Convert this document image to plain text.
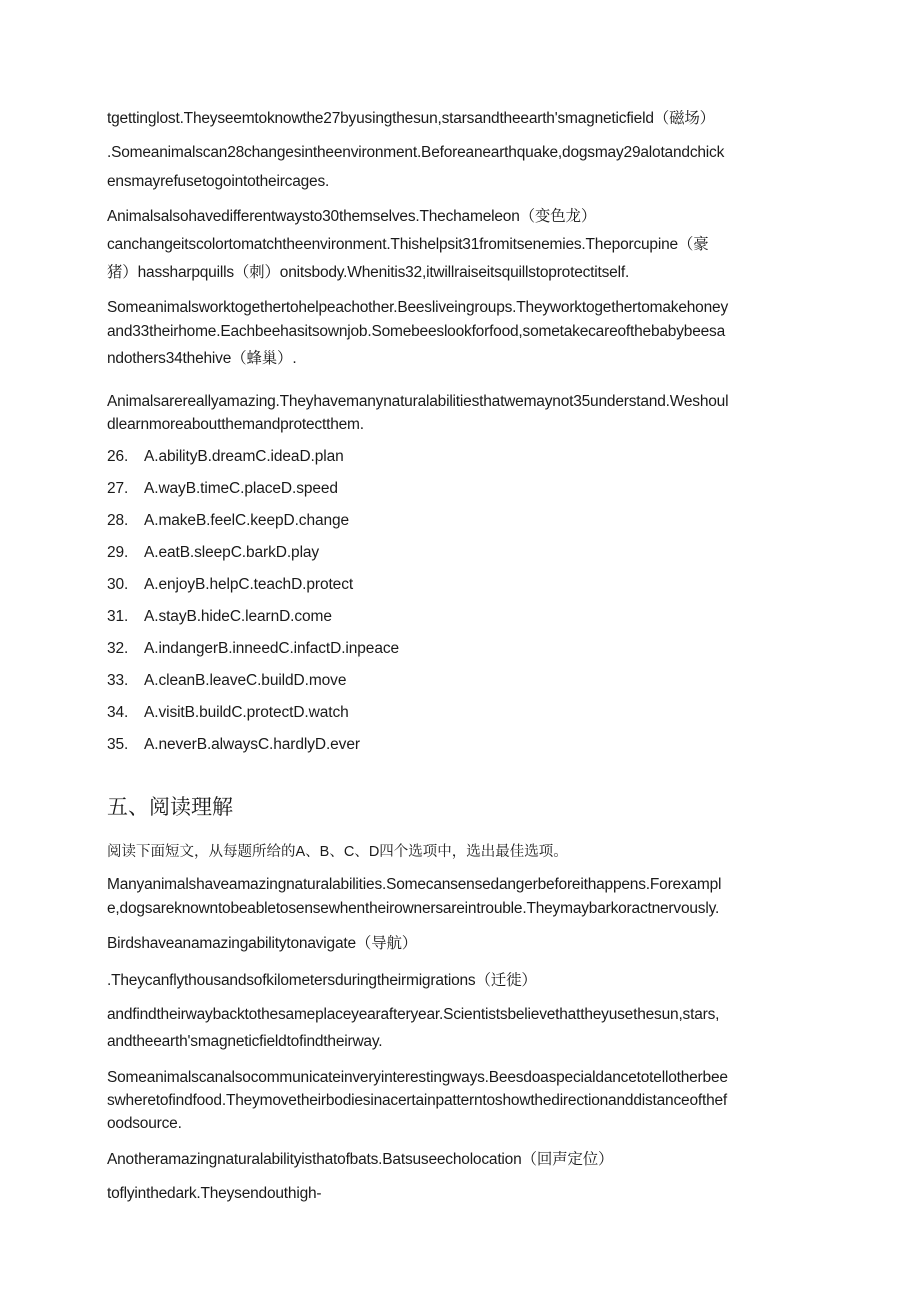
tgettinglost.Theyseemtoknowthe27byusingthesun,starsandtheearth'smagneticfield（磁场）
.Someanimalscan28changesintheenvironment.Beforeanearthquake,dogsmay29alotandchick
ensmayrefusetogointotheircages.
Animalsalsohavedifferentwaysto30themselves.Thechameleon（变色龙）
canchangeitscolortomatchtheenvironment.Thishelpsit31fromitsenemies.Theporcupine（豪
猪）hassharpquills（刺）onitsbody.Whenitis32,itwillraiseitsquillstoprotectitself.
Someanimalsworktogethertohelpeachother.Beesliveingroups.Theyworktogethertomakehoney
and33theirhome.Eachbeehasitsownjob.Somebeeslookforfood,sometakecareofthebabybeesa
ndothers34thehive（蜂巢）.
Animalsarereallyamazing.Theyhavemanynaturalabilitiesthatwemaynot35understand.Weshoul
dlearnmoreaboutthemandprotectthem.
26. A.abilityB.dreamC.ideaD.plan
27. A.wayB.timeC.placeD.speed
28. A.makeB.feelC.keepD.change
29. A.eatB.sleepC.barkD.play
30. A.enjoyB.helpC.teachD.protect
31. A.stayB.hideC.learnD.come
32. A.indangerB.inneedC.infactD.inpeace
33. A.cleanB.leaveC.buildD.move
34. A.visitB.buildC.protectD.watch
35. A.neverB.alwaysC.hardlyD.ever
五、阅读理解
阅读下面短文，从每题所给的A、B、C、D四个选项中，选出最佳选项。
Manyanimalshaveamazingnaturalabilities.Somecansensedangerbeforeithappens.Forexampl
e,dogsareknowntobeabletosensewhentheirownersareintrouble.Theymaybarkoractnervously.
Birdshaveanamazingabilitytonavigate（导航）
.Theycanflythousandsofkilometersduringtheirmigrations（迁徙）
andfindtheirwaybacktothesameplaceyearafteryear.Scientistsbelievethattheyusethesun,stars,
andtheearth'smagneticfieldtofindtheirway.
Someanimalscanalsocommunicateinveryinterestingways.Beesdoaspecialdancetotellotherbee
swheretofindfood.Theymovetheirbodiesinacertainpatterntoshowthedirectionanddistanceofthef
oodsource.
Anotheramazingnaturalabilityisthatofbats.Batsuseecholocation（回声定位）
toflyinthedark.Theysendouthigh-
